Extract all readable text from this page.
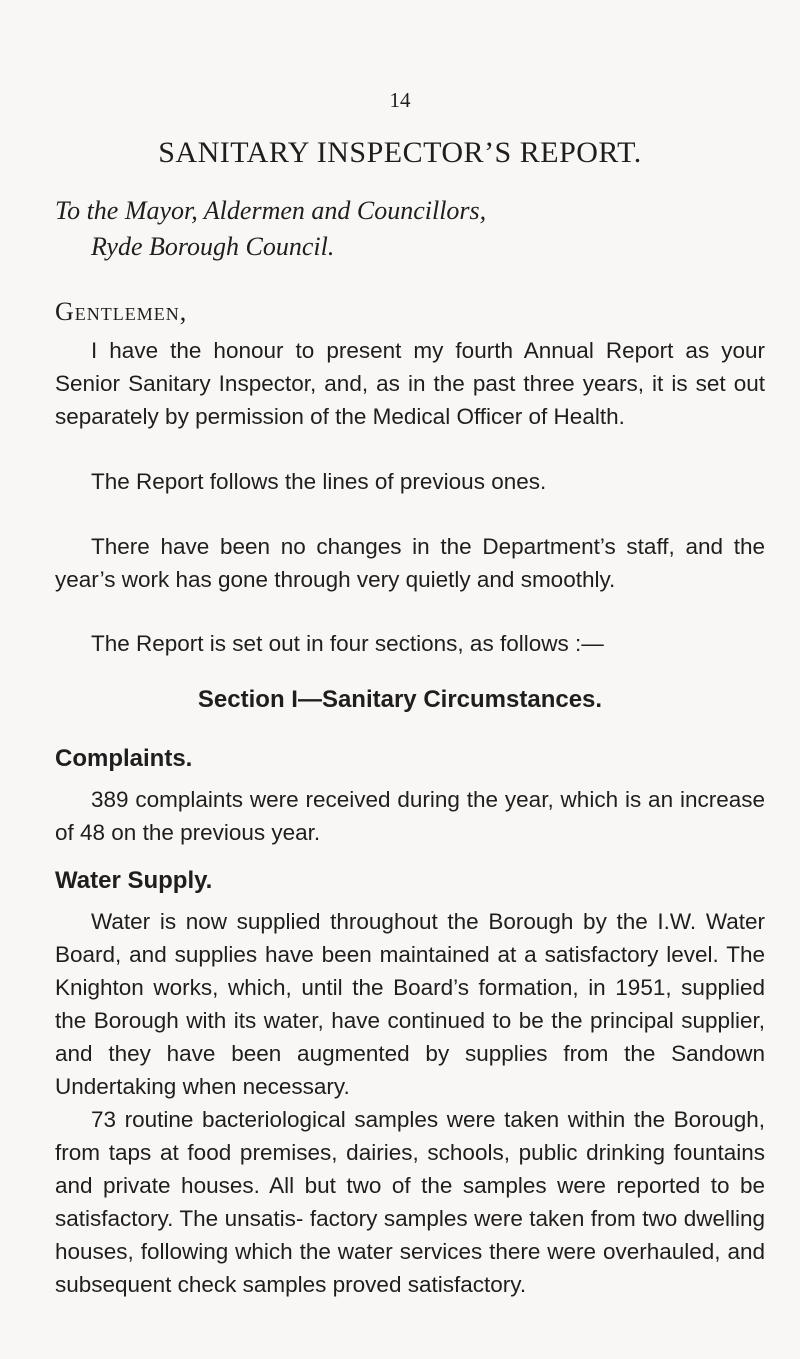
14
SANITARY INSPECTOR’S REPORT.
To the Mayor, Aldermen and Councillors,
Ryde Borough Council.
Gentlemen,

I have the honour to present my fourth Annual Report as your Senior Sanitary Inspector, and, as in the past three years, it is set out separately by permission of the Medical Officer of Health.

The Report follows the lines of previous ones.

There have been no changes in the Department’s staff, and the year’s work has gone through very quietly and smoothly.

The Report is set out in four sections, as follows :—

Section I—Sanitary Circumstances.
Complaints.

389 complaints were received during the year, which is an increase of 48 on the previous year.

Water Supply.

Water is now supplied throughout the Borough by the I.W. Water Board, and supplies have been maintained at a satisfactory level. The Knighton works, which, until the Board’s formation, in 1951, supplied the Borough with its water, have continued to be the principal supplier, and they have been augmented by supplies from the Sandown Undertaking when necessary.

73 routine bacteriological samples were taken within the Borough, from taps at food premises, dairies, schools, public drinking fountains and private houses. All but two of the samples were reported to be satisfactory. The unsatis- factory samples were taken from two dwelling houses, following which the water services there were overhauled, and subsequent check samples proved satisfactory.
